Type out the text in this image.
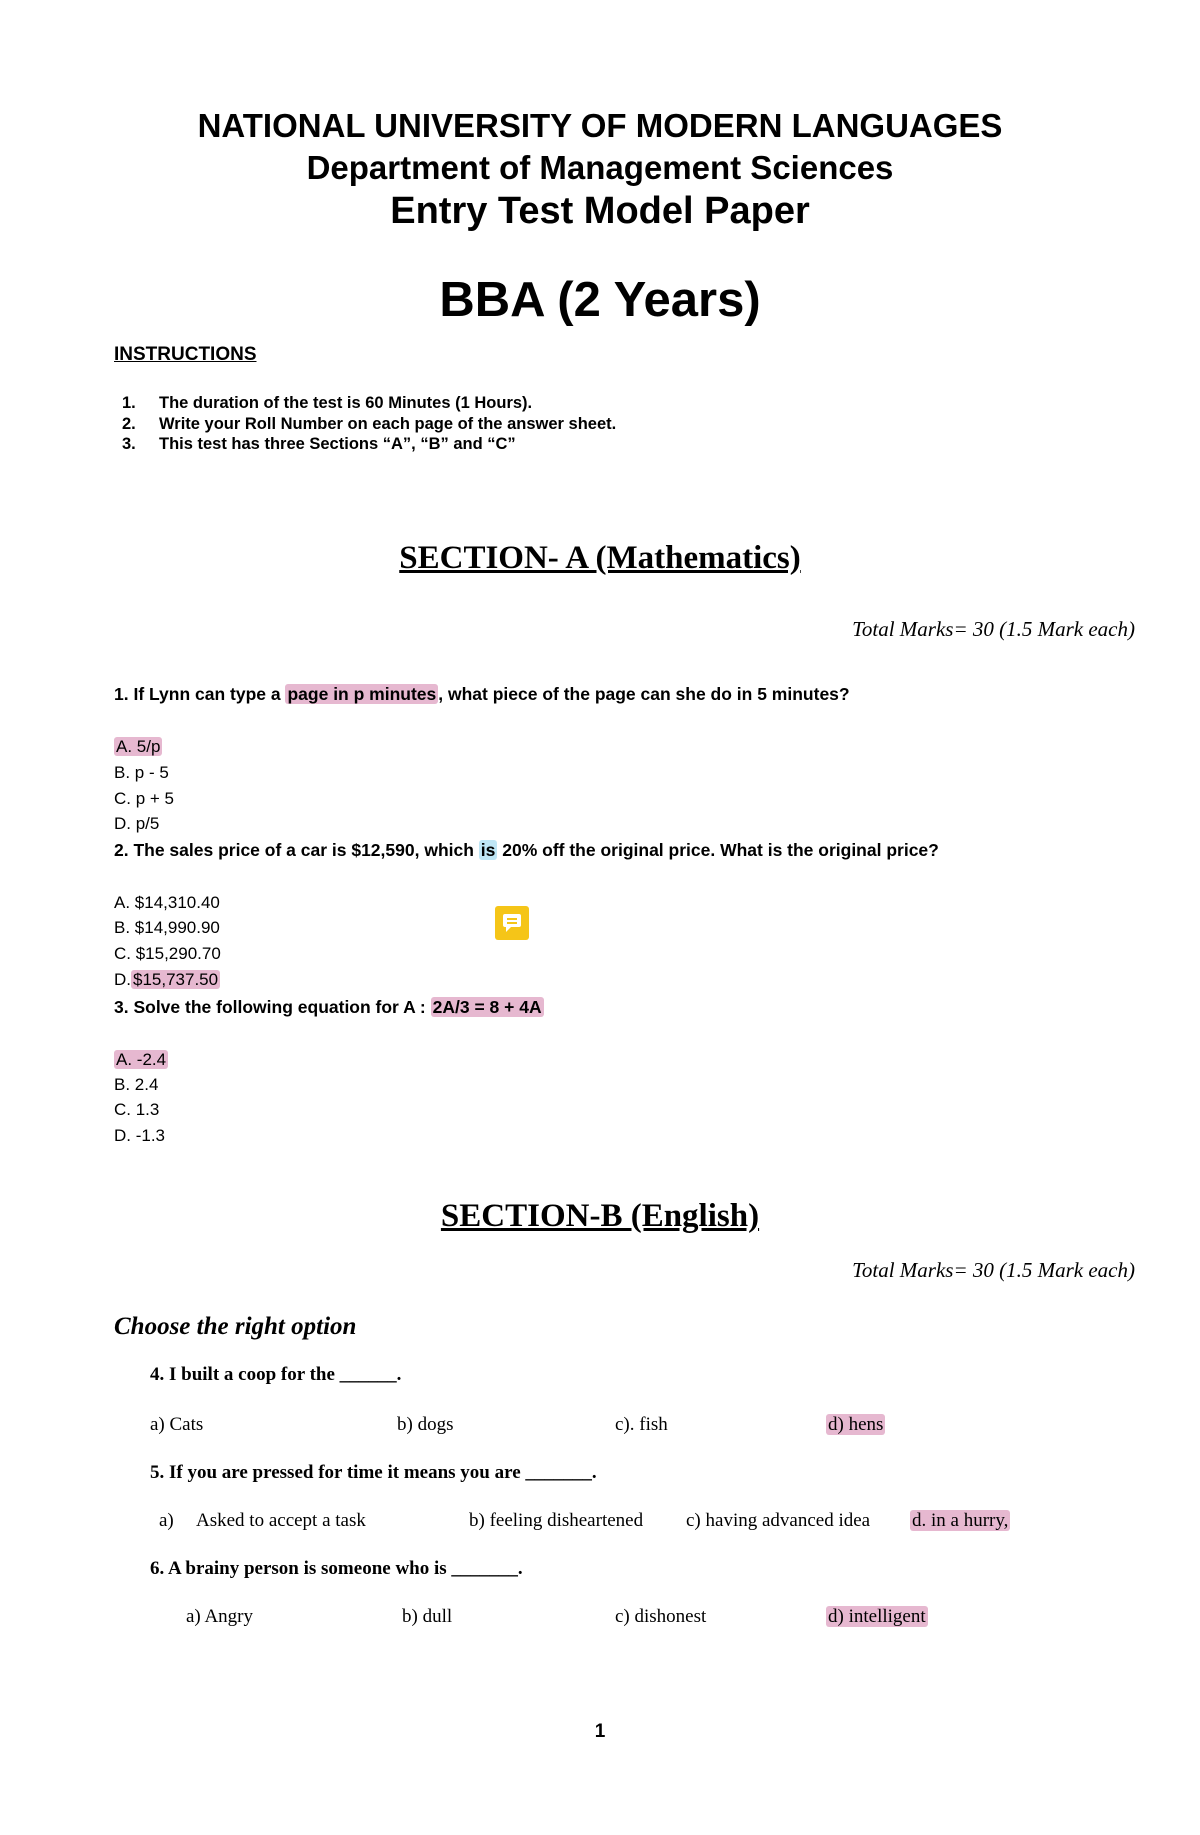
NATIONAL UNIVERSITY OF MODERN LANGUAGES
Department of Management Sciences
Entry Test Model Paper
BBA (2 Years)
INSTRUCTIONS
1. The duration of the test is 60 Minutes (1 Hours).
2. Write your Roll Number on each page of the answer sheet.
3. This test has three Sections “A”, “B” and “C”
SECTION- A (Mathematics)
Total Marks= 30 (1.5 Mark each)
1. If Lynn can type a page in p minutes , what piece of the page can she do in 5 minutes?
A. 5/p
B. p - 5
C. p + 5
D. p/5
2. The sales price of a car is $12,590, which is 20% off the original price. What is the original price?
A. $14,310.40
B. $14,990.90
C. $15,290.70
D. $15,737.50
3. Solve the following equation for A : 2A/3 = 8 + 4A
A. -2.4
B. 2.4
C. 1.3
D. -1.3
SECTION-B (English)
Total Marks= 30 (1.5 Mark each)
Choose the right option
4. I built a coop for the ______.
a) Cats	b) dogs	c). fish	d) hens
5. If you are pressed for time it means you are _______.
a) Asked to accept a task	b) feeling disheartened c) having advanced idea d. in a hurry,
6. A brainy person is someone who is _______.
a) Angry	b) dull	c) dishonest	d) intelligent
1
